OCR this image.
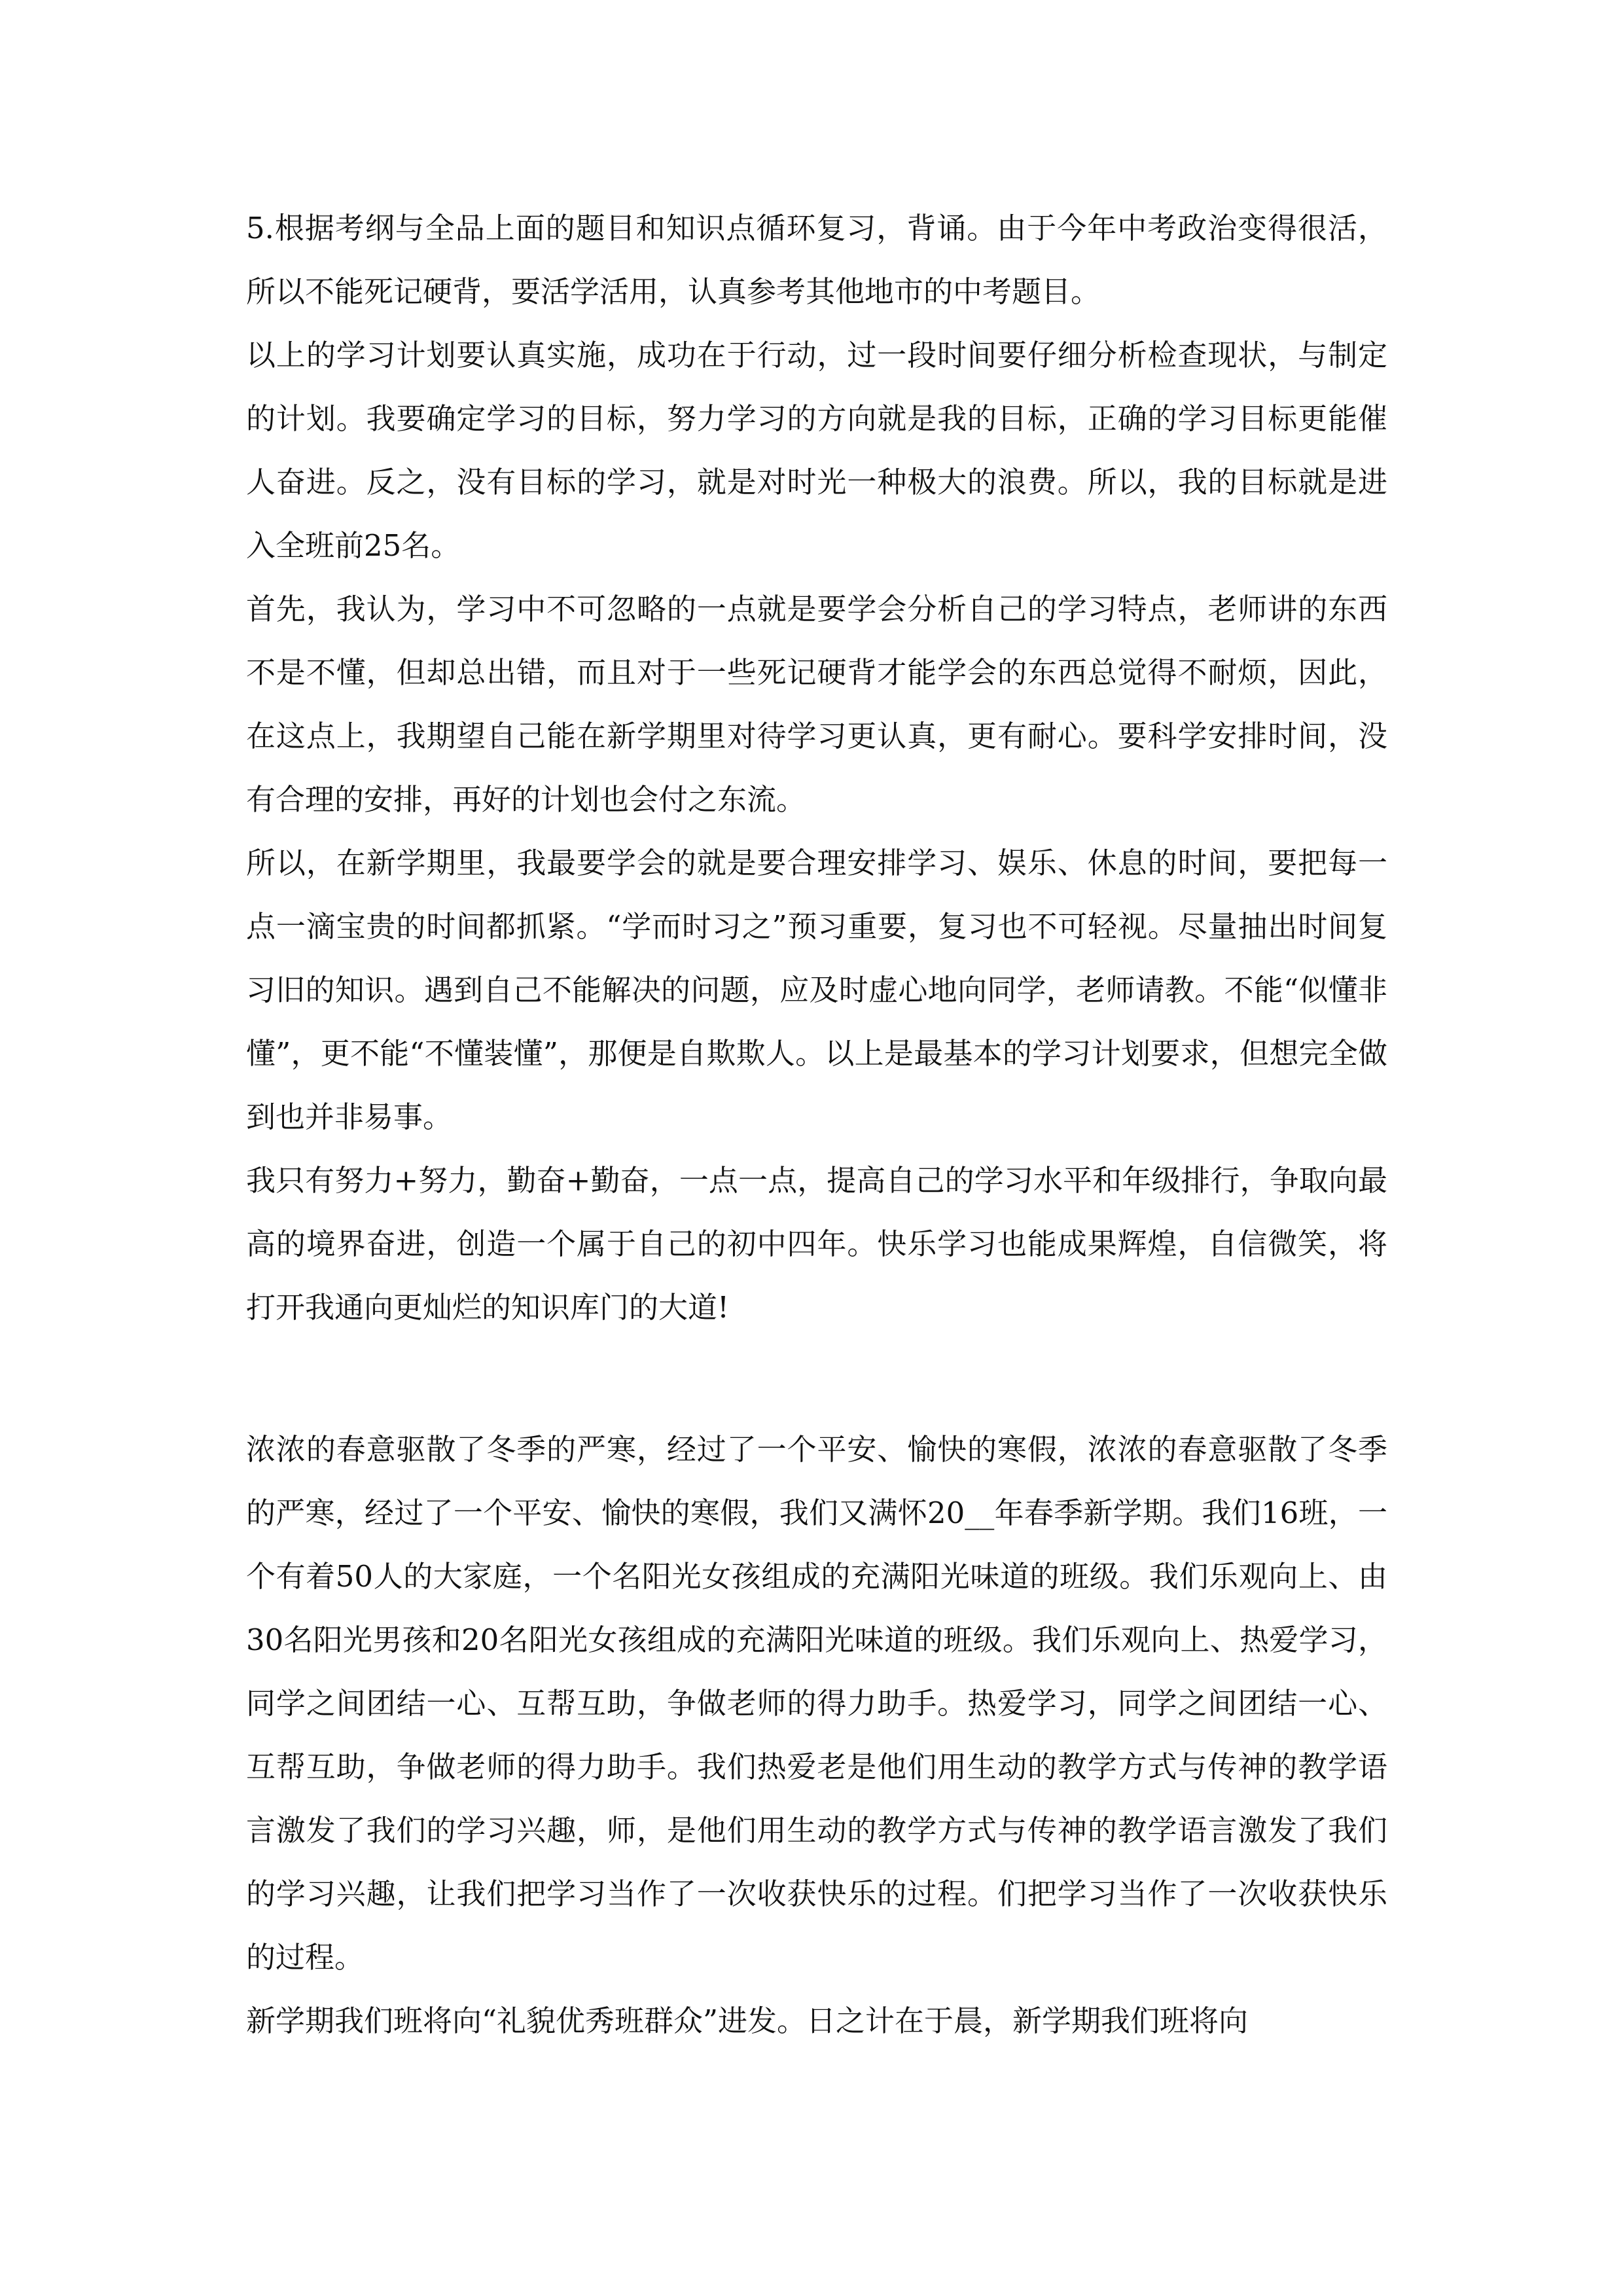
5.根据考纲与全品上面的题目和知识点循环复习，背诵。由于今年中考政治变得很活，所以不能死记硬背，要活学活用，认真参考其他地市的中考题目。

以上的学习计划要认真实施，成功在于行动，过一段时间要仔细分析检查现状，与制定的计划。我要确定学习的目标，努力学习的方向就是我的目标，正确的学习目标更能催人奋进。反之，没有目标的学习，就是对时光一种极大的浪费。所以，我的目标就是进入全班前25名。

首先，我认为，学习中不可忽略的一点就是要学会分析自己的学习特点，老师讲的东西不是不懂，但却总出错，而且对于一些死记硬背才能学会的东西总觉得不耐烦，因此，在这点上，我期望自己能在新学期里对待学习更认真，更有耐心。要科学安排时间，没有合理的安排，再好的计划也会付之东流。

所以，在新学期里，我最要学会的就是要合理安排学习、娱乐、休息的时间，要把每一点一滴宝贵的时间都抓紧。“学而时习之”预习重要，复习也不可轻视。尽量抽出时间复习旧的知识。遇到自己不能解决的问题，应及时虚心地向同学，老师请教。不能“似懂非懂”，更不能“不懂装懂”，那便是自欺欺人。以上是最基本的学习计划要求，但想完全做到也并非易事。

我只有努力+努力，勤奋+勤奋，一点一点，提高自己的学习水平和年级排行，争取向最高的境界奋进，创造一个属于自己的初中四年。快乐学习也能成果辉煌，自信微笑，将打开我通向更灿烂的知识库门的大道!

浓浓的春意驱散了冬季的严寒，经过了一个平安、愉快的寒假，浓浓的春意驱散了冬季的严寒，经过了一个平安、愉快的寒假，我们又满怀20__年春季新学期。我们16班，一个有着50人的大家庭，一个名阳光女孩组成的充满阳光味道的班级。我们乐观向上、由30名阳光男孩和20名阳光女孩组成的充满阳光味道的班级。我们乐观向上、热爱学习，同学之间团结一心、互帮互助，争做老师的得力助手。热爱学习，同学之间团结一心、互帮互助，争做老师的得力助手。我们热爱老是他们用生动的教学方式与传神的教学语言激发了我们的学习兴趣，师，是他们用生动的教学方式与传神的教学语言激发了我们的学习兴趣，让我们把学习当作了一次收获快乐的过程。们把学习当作了一次收获快乐的过程。

新学期我们班将向“礼貌优秀班群众”进发。日之计在于晨，新学期我们班将向
